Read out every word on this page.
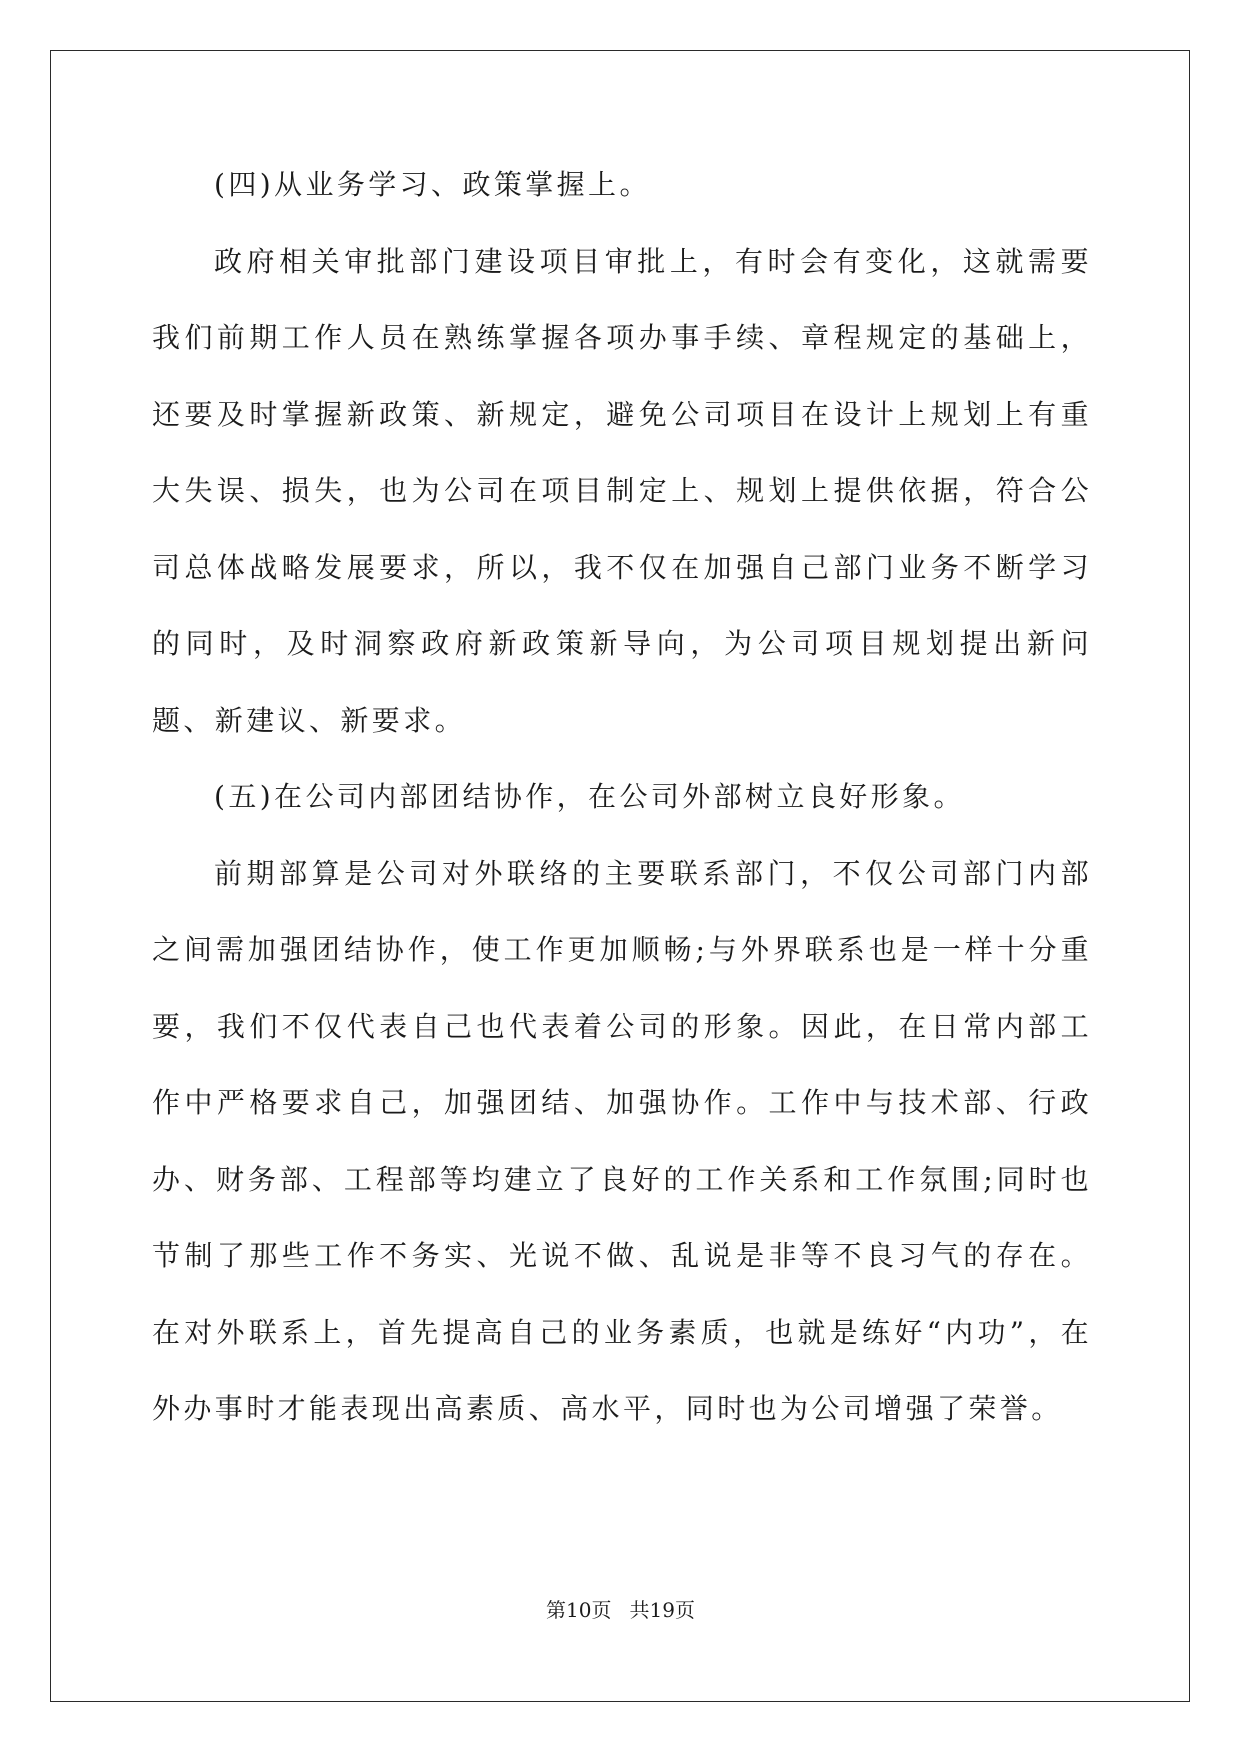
(四)从业务学习、政策掌握上。

政府相关审批部门建设项目审批上，有时会有变化，这就需要我们前期工作人员在熟练掌握各项办事手续、章程规定的基础上，还要及时掌握新政策、新规定，避免公司项目在设计上规划上有重大失误、损失，也为公司在项目制定上、规划上提供依据，符合公司总体战略发展要求，所以，我不仅在加强自己部门业务不断学习的同时，及时洞察政府新政策新导向，为公司项目规划提出新问题、新建议、新要求。

(五)在公司内部团结协作，在公司外部树立良好形象。

前期部算是公司对外联络的主要联系部门，不仅公司部门内部之间需加强团结协作，使工作更加顺畅;与外界联系也是一样十分重要，我们不仅代表自己也代表着公司的形象。因此，在日常内部工作中严格要求自己，加强团结、加强协作。工作中与技术部、行政办、财务部、工程部等均建立了良好的工作关系和工作氛围;同时也节制了那些工作不务实、光说不做、乱说是非等不良习气的存在。在对外联系上，首先提高自己的业务素质，也就是练好“内功”，在外办事时才能表现出高素质、高水平，同时也为公司增强了荣誉。

第10页 共19页
